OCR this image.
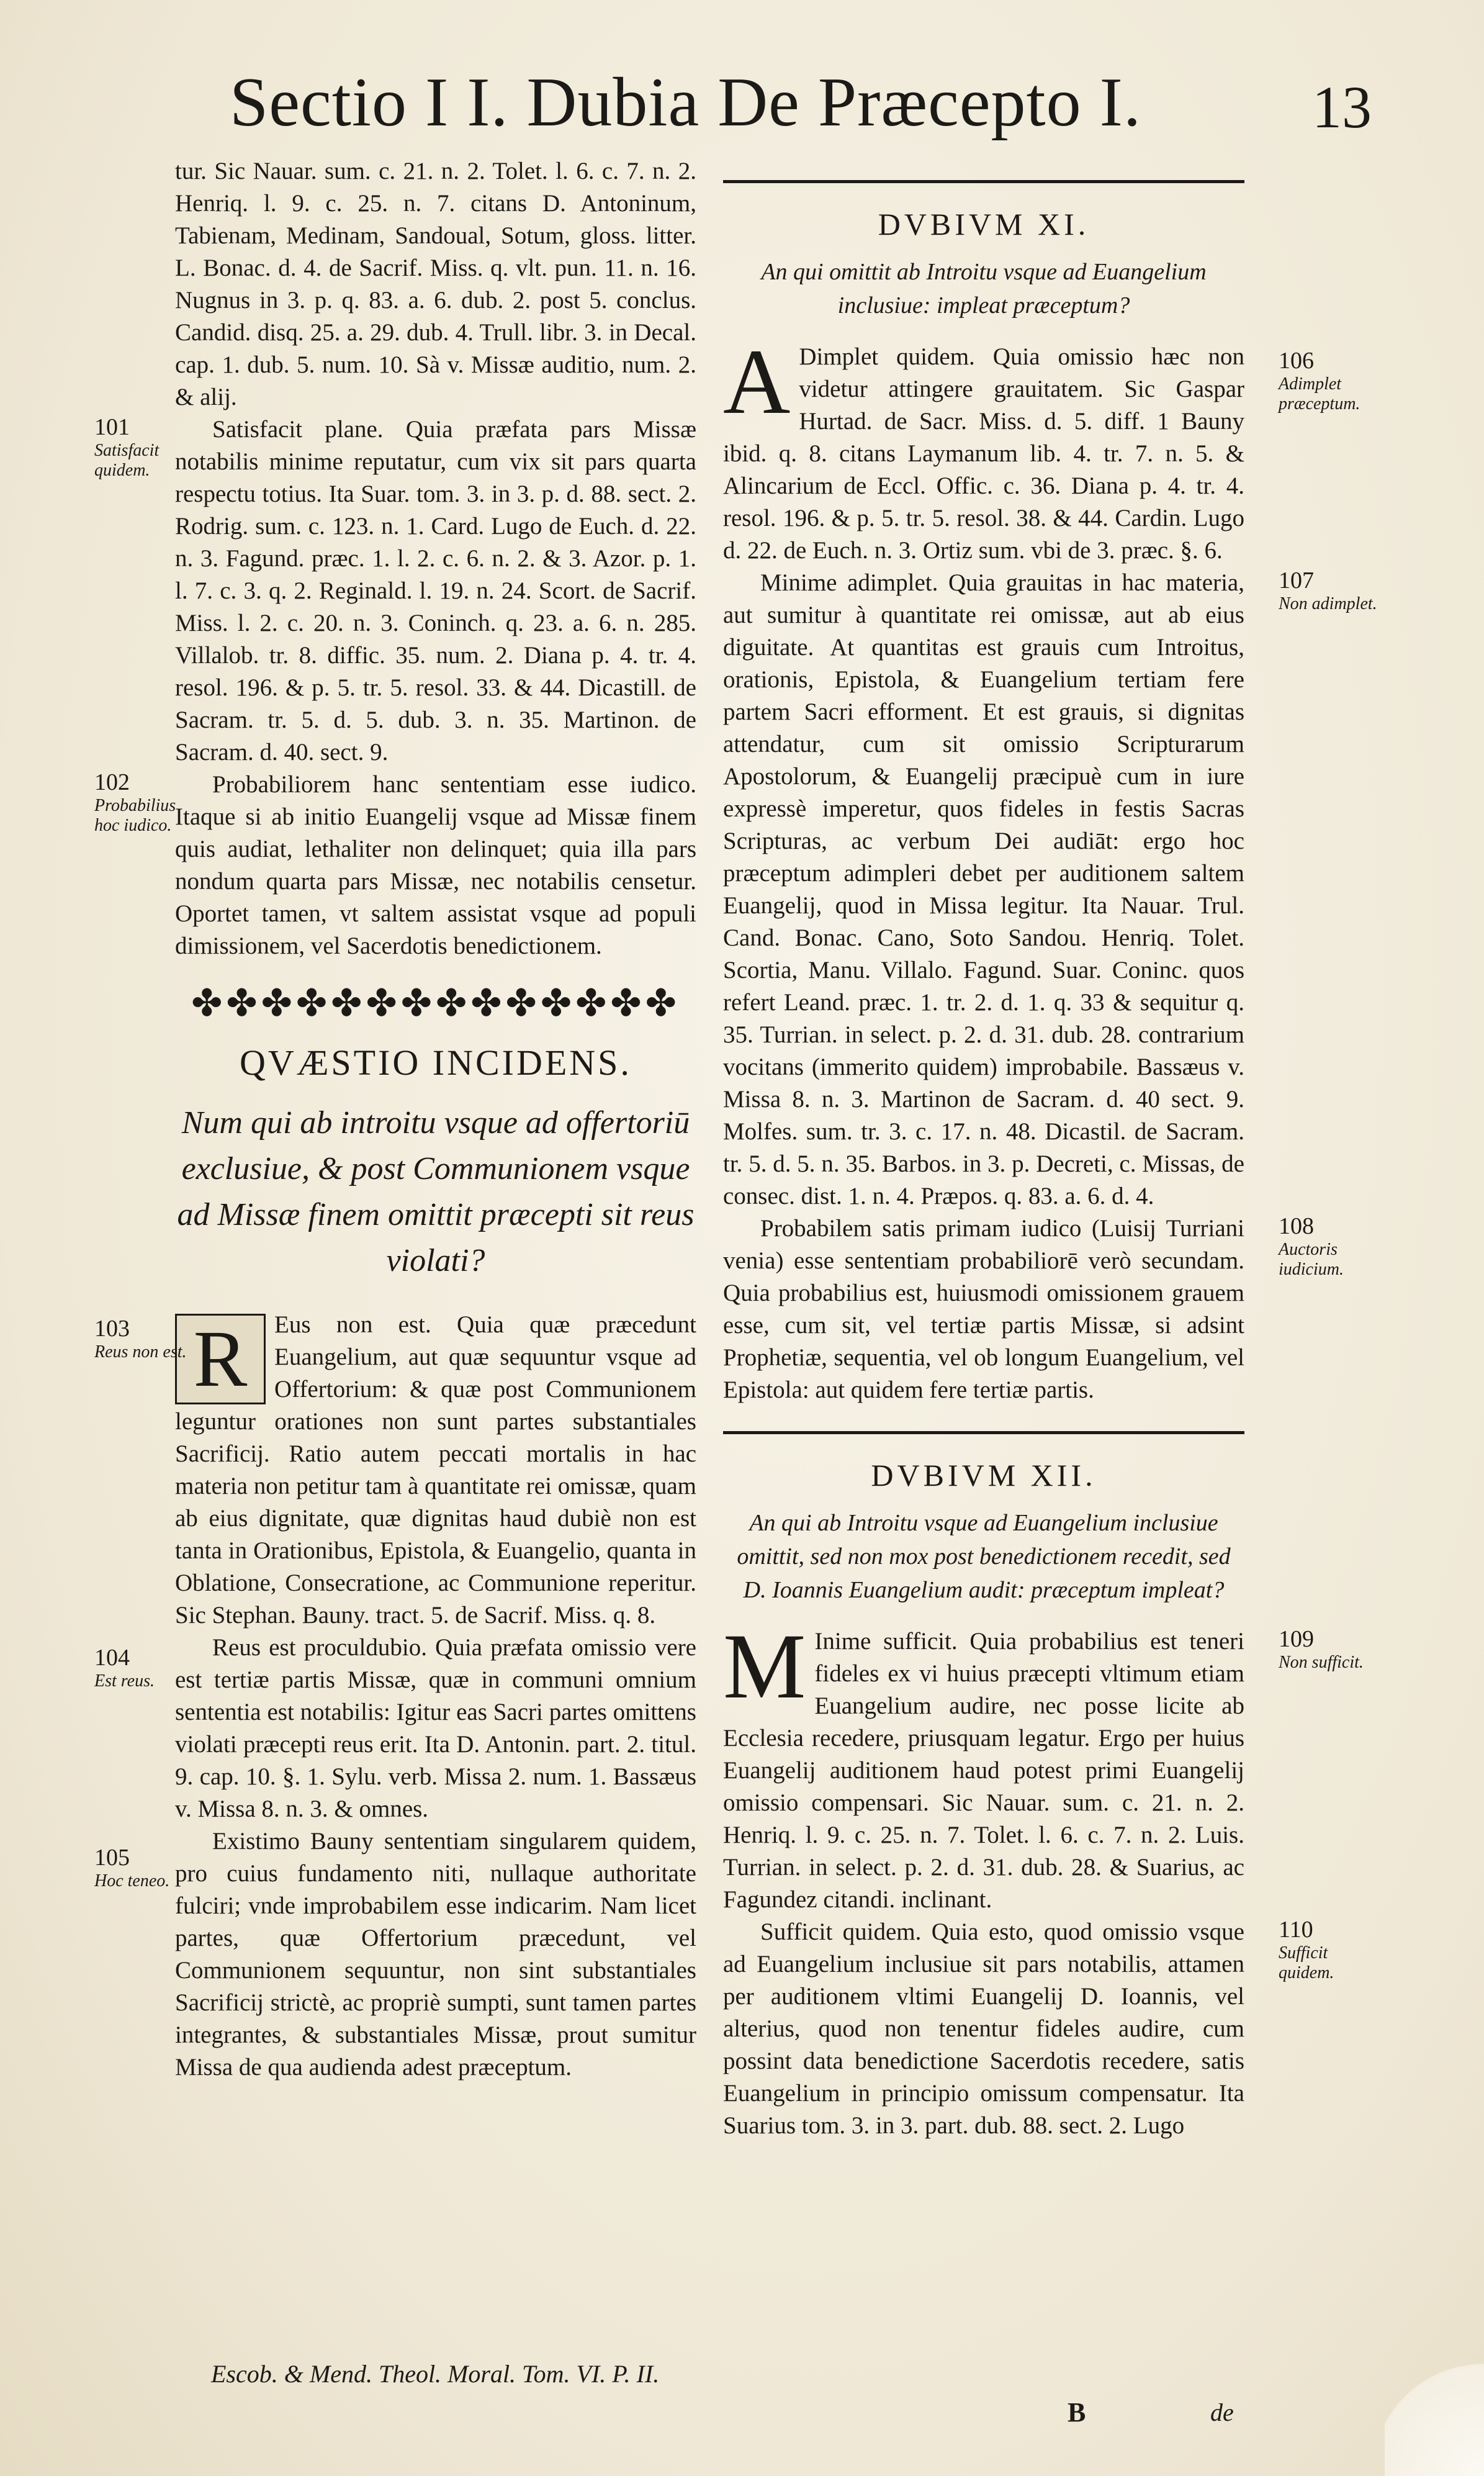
Sectio I I. Dubia De Præcepto I.	13

tur. Sic Nauar. sum. c. 21. n. 2. Tolet. l. 6. c. 7. n. 2. Henriq. l. 9. c. 25. n. 7. citans D. Antoninum, Tabienam, Medinam, Sandoual, Sotum, gloss. litter. L. Bonac. d. 4. de Sacrif. Miss. q. vlt. pun. 11. n. 16. Nugnus in 3. p. q. 83. a. 6. dub. 2. post 5. conclus. Candid. disq. 25. a. 29. dub. 4. Trull. libr. 3. in Decal. cap. 1. dub. 5. num. 10. Sà v. Missæ auditio, num. 2. & alij.

101
Satisfacit quidem.

Satisfacit plane. Quia præfata pars Missæ notabilis minime reputatur, cum vix sit pars quarta respectu totius. Ita Suar. tom. 3. in 3. p. d. 88. sect. 2. Rodrig. sum. c. 123. n. 1. Card. Lugo de Euch. d. 22. n. 3. Fagund. præc. 1. l. 2. c. 6. n. 2. & 3. Azor. p. 1. l. 7. c. 3. q. 2. Reginald. l. 19. n. 24. Scort. de Sacrif. Miss. l. 2. c. 20. n. 3. Coninch. q. 23. a. 6. n. 285. Villalob. tr. 8. diffic. 35. num. 2. Diana p. 4. tr. 4. resol. 196. & p. 5. tr. 5. resol. 33. & 44. Dicastill. de Sacram. tr. 5. d. 5. dub. 3. n. 35. Martinon. de Sacram. d. 40. sect. 9.

102
Probabilius hoc iudico.

Probabiliorem hanc sententiam esse iudico. Itaque si ab initio Euangelij vsque ad Missæ finem quis audiat, lethaliter non delinquet; quia illa pars nondum quarta pars Missæ, nec notabilis censetur. Oportet tamen, vt saltem assistat vsque ad populi dimissionem, vel Sacerdotis benedictionem.

✤✤✤✤✤✤✤✤✤✤✤✤✤✤
QVÆSTIO INCIDENS.
Num qui ab introitu vsque ad offertoriū exclusiue, & post Communionem vsque ad Missæ finem omittit præcepti sit reus violati?
103
Reus non est. R	Eus non est. Quia quæ præcedunt Euangelium, aut quæ sequuntur vsque ad Offertorium: & quæ post Communionem leguntur orationes non sunt partes substantiales Sacrificij. Ratio autem peccati mortalis in hac materia non petitur tam à quantitate rei omissæ, quam ab eius dignitate, quæ dignitas haud dubiè non est tanta in Orationibus, Epistola, & Euangelio, quanta in Oblatione, Consecratione, ac Communione reperitur. Sic Stephan. Bauny. tract. 5. de Sacrif. Miss. q. 8.

104
Est reus.

Reus est proculdubio. Quia præfata omissio vere est tertiæ partis Missæ, quæ in communi omnium sententia est notabilis: Igitur eas Sacri partes omittens violati præcepti reus erit. Ita D. Antonin. part. 2. titul. 9. cap. 10. §. 1. Sylu. verb. Missa 2. num. 1. Bassæus v. Missa 8. n. 3. & omnes.

105
Hoc teneo.

Existimo Bauny sententiam singularem quidem, pro cuius fundamento niti, nullaque authoritate fulciri; vnde improbabilem esse indicarim. Nam licet partes, quæ Offertorium præcedunt, vel Communionem sequuntur, non sint substantiales Sacrificij strictè, ac propriè sumpti, sunt tamen partes integrantes, & substantiales Missæ, prout sumitur Missa de qua audienda adest præceptum.

DVBIVM XI.
An qui omittit ab Introitu vsque ad Euangelium inclusiue: impleat præceptum?
106
Adimplet præceptum.
A Dimplet quidem. Quia omissio hæc non videtur attingere grauitatem. Sic Gaspar Hurtad. de Sacr. Miss. d. 5. diff. 1 Bauny ibid. q. 8. citans Laymanum lib. 4. tr. 7. n. 5. & Alincarium de Eccl. Offic. c. 36. Diana p. 4. tr. 4. resol. 196. & p. 5. tr. 5. resol. 38. & 44. Cardin. Lugo d. 22. de Euch. n. 3. Ortiz sum. vbi de 3. præc. §. 6.

107
Non adimplet.

Minime adimplet. Quia grauitas in hac materia, aut sumitur à quantitate rei omissæ, aut ab eius diguitate. At quantitas est grauis cum Introitus, orationis, Epistola, & Euangelium tertiam fere partem Sacri efforment. Et est grauis, si dignitas attendatur, cum sit omissio Scripturarum Apostolorum, & Euangelij præcipuè cum in iure expressè imperetur, quos fideles in festis Sacras Scripturas, ac verbum Dei audiāt: ergo hoc præceptum adimpleri debet per auditionem saltem Euangelij, quod in Missa legitur. Ita Nauar. Trul. Cand. Bonac. Cano, Soto Sandou. Henriq. Tolet. Scortia, Manu. Villalo. Fagund. Suar. Coninc. quos refert Leand. præc. 1. tr. 2. d. 1. q. 33 & sequitur q. 35. Turrian. in select. p. 2. d. 31. dub. 28. contrarium vocitans (immerito quidem) improbabile. Bassæus v. Missa 8. n. 3. Martinon de Sacram. d. 40 sect. 9. Molfes. sum. tr. 3. c. 17. n. 48. Dicastil. de Sacram. tr. 5. d. 5. n. 35. Barbos. in 3. p. Decreti, c. Missas, de consec. dist. 1. n. 4. Præpos. q. 83. a. 6. d. 4.

108
Auctoris iudicium.

Probabilem satis primam iudico (Luisij Turriani venia) esse sententiam probabiliorē verò secundam. Quia probabilius est, huiusmodi omissionem grauem esse, cum sit, vel tertiæ partis Missæ, si adsint Prophetiæ, sequentia, vel ob longum Euangelium, vel Epistola: aut quidem fere tertiæ partis.

DVBIVM XII.
An qui ab Introitu vsque ad Euangelium inclusiue omittit, sed non mox post benedictionem recedit, sed D. Ioannis Euangelium audit: præceptum impleat?
109
Non sufficit.
M Inime sufficit. Quia probabilius est teneri fideles ex vi huius præcepti vltimum etiam Euangelium audire, nec posse licite ab Ecclesia recedere, priusquam legatur. Ergo per huius Euangelij auditionem haud potest primi Euangelij omissio compensari. Sic Nauar. sum. c. 21. n. 2. Henriq. l. 9. c. 25. n. 7. Tolet. l. 6. c. 7. n. 2. Luis. Turrian. in select. p. 2. d. 31. dub. 28. & Suarius, ac Fagundez citandi. inclinant.

110
Sufficit quidem.

Sufficit quidem. Quia esto, quod omissio vsque ad Euangelium inclusiue sit pars notabilis, attamen per auditionem vltimi Euangelij D. Ioannis, vel alterius, quod non tenentur fideles audire, cum possint data benedictione Sacerdotis recedere, satis Euangelium in principio omissum compensatur. Ita Suarius tom. 3. in 3. part. dub. 88. sect. 2. Lugo

Escob. & Mend. Theol. Moral. Tom. VI. P. II.
B	de
